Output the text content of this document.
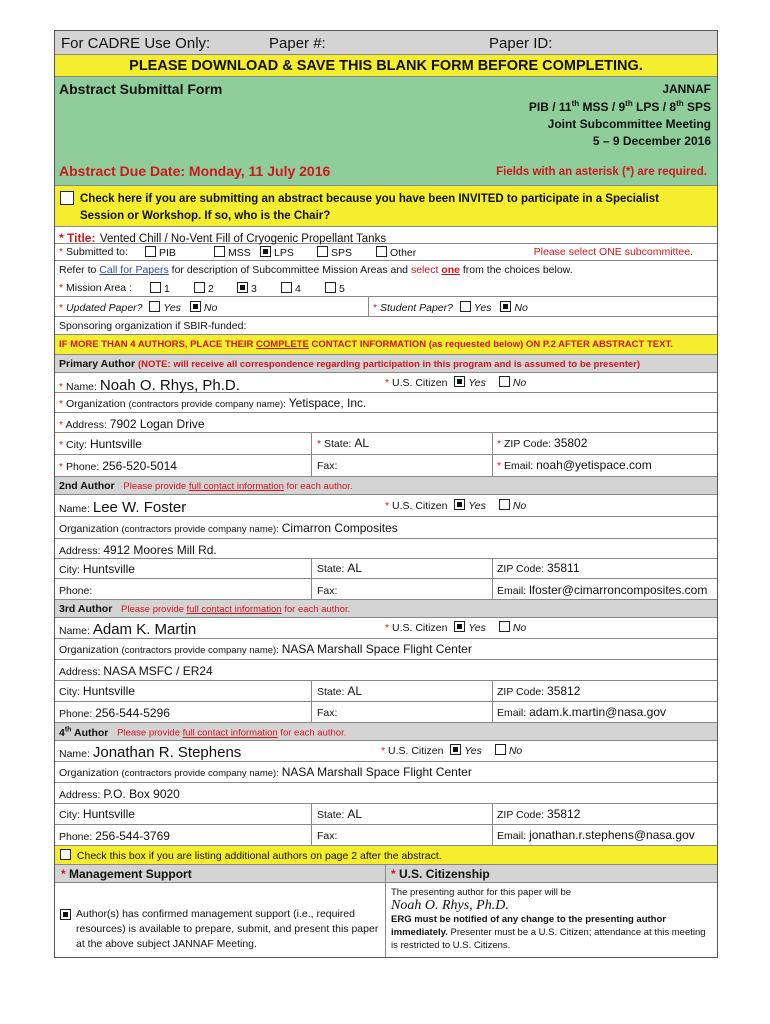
For CADRE Use Only:	Paper #:	Paper ID:
PLEASE DOWNLOAD & SAVE THIS BLANK FORM BEFORE COMPLETING.
Abstract Submittal Form	JANNAF
PIB / 11th MSS / 9th LPS / 8th SPS
Joint Subcommittee Meeting
5 – 9 December 2016
Abstract Due Date: Monday, 11 July 2016	Fields with an asterisk (*) are required.
Check here if you are submitting an abstract because you have been INVITED to participate in a Specialist Session or Workshop. If so, who is the Chair?
* Title: Vented Chill / No-Vent Fill of Cryogenic Propellant Tanks
* Submitted to:	PIB	MSS	LPS	SPS	Other	Please select ONE subcommittee.
Refer to Call for Papers for description of Subcommittee Mission Areas and select one from the choices below.
* Mission Area :	1	2	3	4	5
* Updated Paper? Yes No	* Student Paper? Yes No
Sponsoring organization if SBIR-funded:
IF MORE THAN 4 AUTHORS, PLACE THEIR COMPLETE CONTACT INFORMATION (as requested below) ON P.2 AFTER ABSTRACT TEXT.
Primary Author (NOTE: will receive all correspondence regarding participation in this program and is assumed to be presenter)
* Name: Noah O. Rhys, Ph.D.	* U.S. Citizen Yes	No
* Organization (contractors provide company name): Yetispace, Inc.
* Address: 7902 Logan Drive
* City: Huntsville	* State: AL	* ZIP Code: 35802
* Phone: 256-520-5014	Fax:	* Email: noah@yetispace.com
2nd Author Please provide full contact information for each author.
Name: Lee W. Foster	* U.S. Citizen Yes	No
Organization (contractors provide company name): Cimarron Composites
Address: 4912 Moores Mill Rd.
City: Huntsville	State: AL	ZIP Code: 35811
Phone:	Fax:	Email: lfoster@cimarroncomposites.com
3rd Author Please provide full contact information for each author.
Name: Adam K. Martin	* U.S. Citizen Yes	No
Organization (contractors provide company name): NASA Marshall Space Flight Center
Address: NASA MSFC / ER24
City: Huntsville	State: AL	ZIP Code: 35812
Phone: 256-544-5296	Fax:	Email: adam.k.martin@nasa.gov
4th Author Please provide full contact information for each author.
Name: Jonathan R. Stephens	* U.S. Citizen Yes	No
Organization (contractors provide company name): NASA Marshall Space Flight Center
Address: P.O. Box 9020
City: Huntsville	State: AL	ZIP Code: 35812
Phone: 256-544-3769	Fax:	Email: jonathan.r.stephens@nasa.gov
Check this box if you are listing additional authors on page 2 after the abstract.
* Management Support	* U.S. Citizenship
Author(s) has confirmed management support (i.e., required resources) is available to prepare, submit, and present this paper at the above subject JANNAF Meeting.
The presenting author for this paper will be
Noah O. Rhys, Ph.D.
ERG must be notified of any change to the presenting author immediately. Presenter must be a U.S. Citizen; attendance at this meeting is restricted to U.S. Citizens.
